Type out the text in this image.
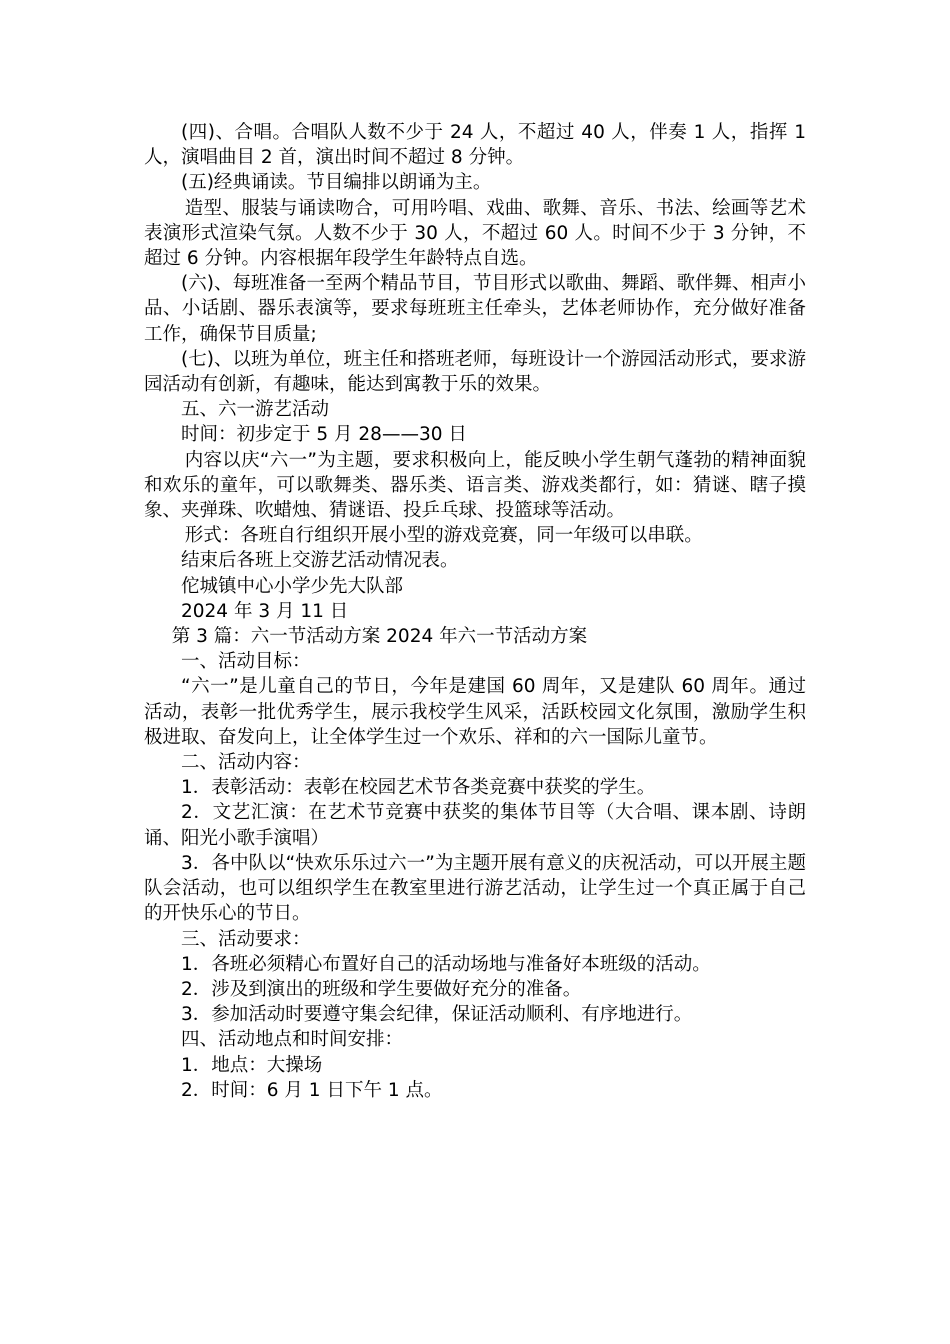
(四)、合唱。合唱队人数不少于 24 人，不超过 40 人，伴奏 1 人，指挥 1 人，演唱曲目 2 首，演出时间不超过 8 分钟。

(五)经典诵读。节目编排以朗诵为主。

造型、服装与诵读吻合，可用吟唱、戏曲、歌舞、音乐、书法、绘画等艺术表演形式渲染气氛。人数不少于 30 人，不超过 60 人。时间不少于 3 分钟，不超过 6 分钟。内容根据年段学生年龄特点自选。

(六)、每班准备一至两个精品节目，节目形式以歌曲、舞蹈、歌伴舞、相声小品、小话剧、器乐表演等，要求每班班主任牵头，艺体老师协作，充分做好准备工作，确保节目质量;

(七)、以班为单位，班主任和搭班老师，每班设计一个游园活动形式，要求游园活动有创新，有趣味，能达到寓教于乐的效果。

五、六一游艺活动

时间：初步定于 5 月 28——30 日

内容以庆“六一”为主题，要求积极向上，能反映小学生朝气蓬勃的精神面貌和欢乐的童年，可以歌舞类、器乐类、语言类、游戏类都行，如：猜谜、瞎子摸象、夹弹珠、吹蜡烛、猜谜语、投乒乓球、投篮球等活动。

形式：各班自行组织开展小型的游戏竞赛，同一年级可以串联。

结束后各班上交游艺活动情况表。

佗城镇中心小学少先大队部

2024 年 3 月 11 日

第 3 篇：六一节活动方案 2024 年六一节活动方案

一、活动目标：

“六一”是儿童自己的节日，今年是建国 60 周年，又是建队 60 周年。通过活动，表彰一批优秀学生，展示我校学生风采，活跃校园文化氛围，激励学生积极进取、奋发向上，让全体学生过一个欢乐、祥和的六一国际儿童节。

二、活动内容：

1．表彰活动：表彰在校园艺术节各类竞赛中获奖的学生。

2．文艺汇演：在艺术节竞赛中获奖的集体节目等（大合唱、课本剧、诗朗诵、阳光小歌手演唱）

3．各中队以“快欢乐乐过六一”为主题开展有意义的庆祝活动，可以开展主题队会活动，也可以组织学生在教室里进行游艺活动，让学生过一个真正属于自己的开快乐心的节日。

三、活动要求：

1．各班必须精心布置好自己的活动场地与准备好本班级的活动。

2．涉及到演出的班级和学生要做好充分的准备。

3．参加活动时要遵守集会纪律，保证活动顺利、有序地进行。

四、活动地点和时间安排：

1．地点：大操场

2．时间：6 月 1 日下午 1 点。
